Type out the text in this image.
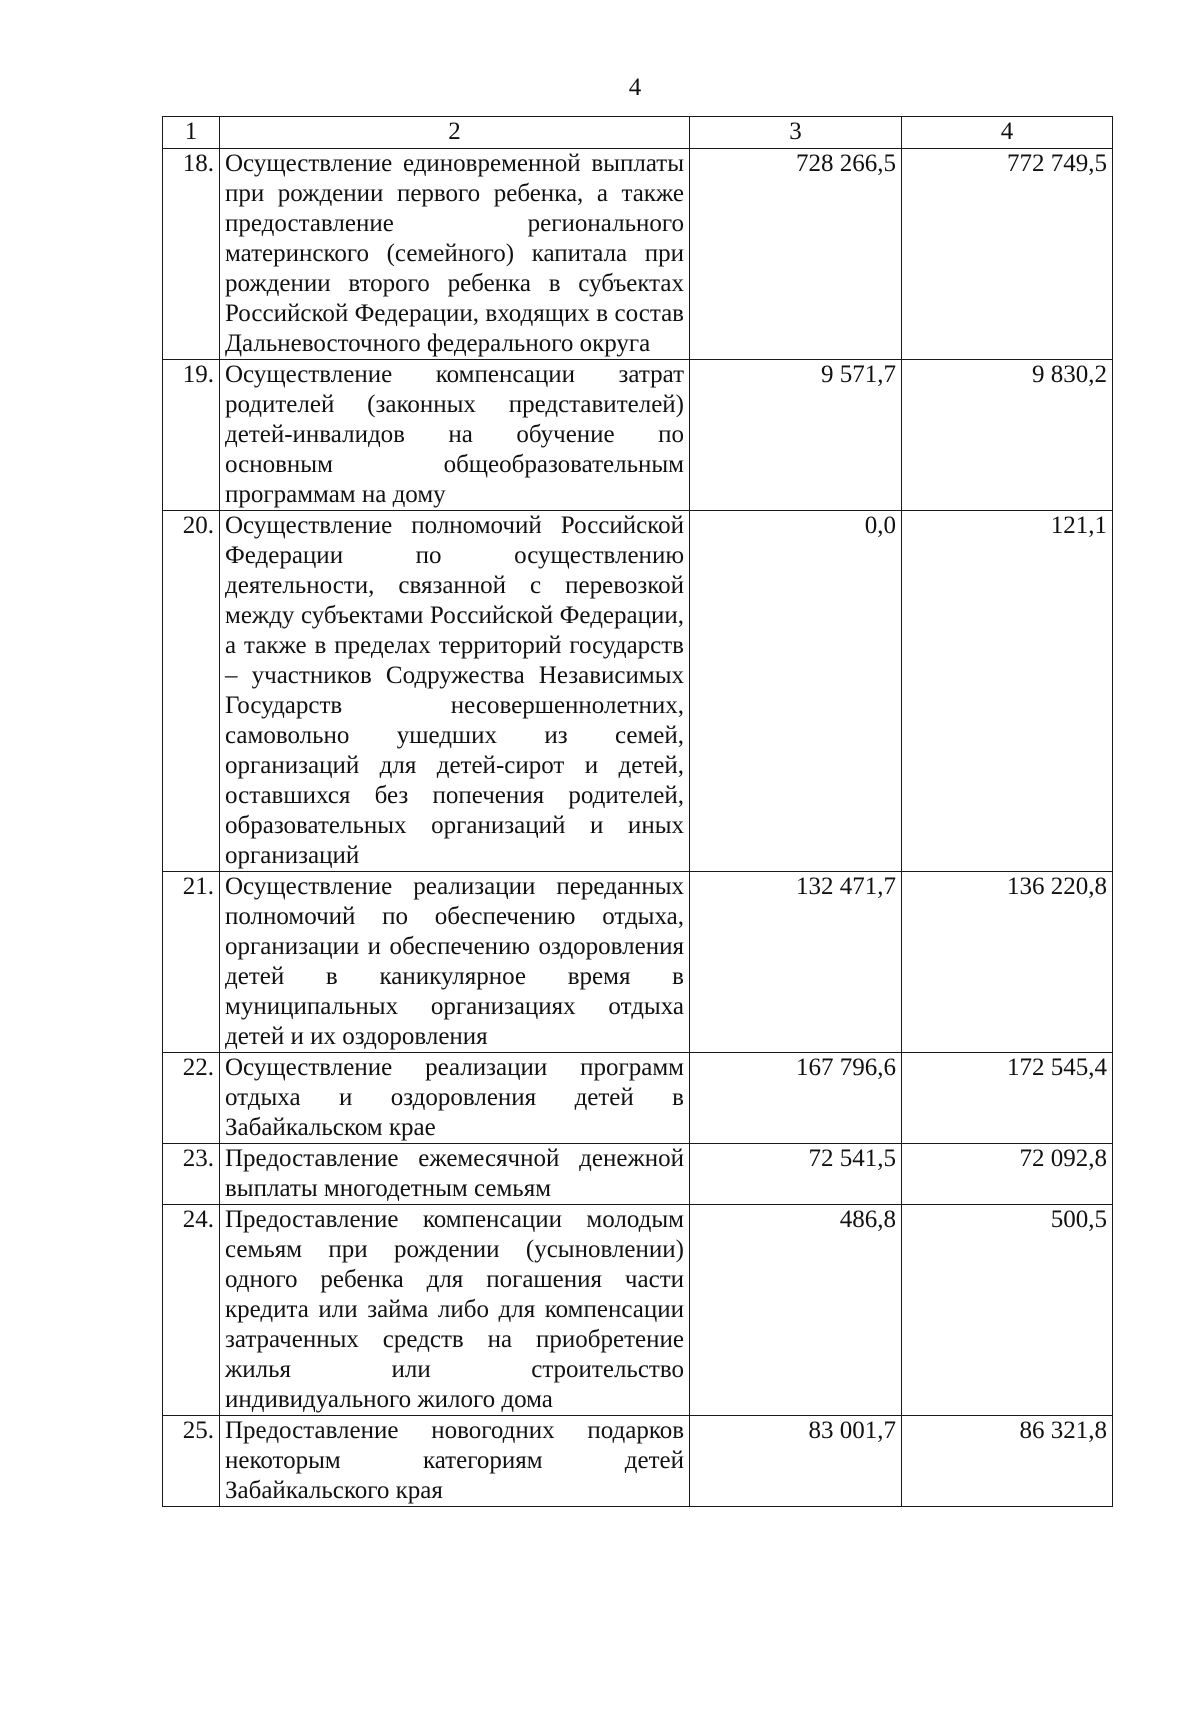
4
1	2	3	4
18.	Осуществление единовременной выплаты при рождении первого ребенка, а также предоставление регионального материнского (семейного) капитала при рождении второго ребенка в субъектах Российской Федерации, входящих в состав Дальневосточного федерального округа	728 266,5	772 749,5
19.	Осуществление компенсации затрат родителей (законных представителей) детей-инвалидов на обучение по основным общеобразовательным программам на дому	9 571,7	9 830,2
20.	Осуществление полномочий Российской Федерации по осуществлению деятельности, связанной с перевозкой между субъектами Российской Федерации, а также в пределах территорий государств – участников Содружества Независимых Государств несовершеннолетних, самовольно ушедших из семей, организаций для детей-сирот и детей, оставшихся без попечения родителей, образовательных организаций и иных организаций	0,0	121,1
21.	Осуществление реализации переданных полномочий по обеспечению отдыха, организации и обеспечению оздоровления детей в каникулярное время в муниципальных организациях отдыха детей и их оздоровления	132 471,7	136 220,8
22.	Осуществление реализации программ отдыха и оздоровления детей в Забайкальском крае	167 796,6	172 545,4
23.	Предоставление ежемесячной денежной выплаты многодетным семьям	72 541,5	72 092,8
24.	Предоставление компенсации молодым семьям при рождении (усыновлении) одного ребенка для погашения части кредита или займа либо для компенсации затраченных средств на приобретение жилья или строительство индивидуального жилого дома	486,8	500,5
25.	Предоставление новогодних подарков некоторым категориям детей Забайкальского края	83 001,7	86 321,8
